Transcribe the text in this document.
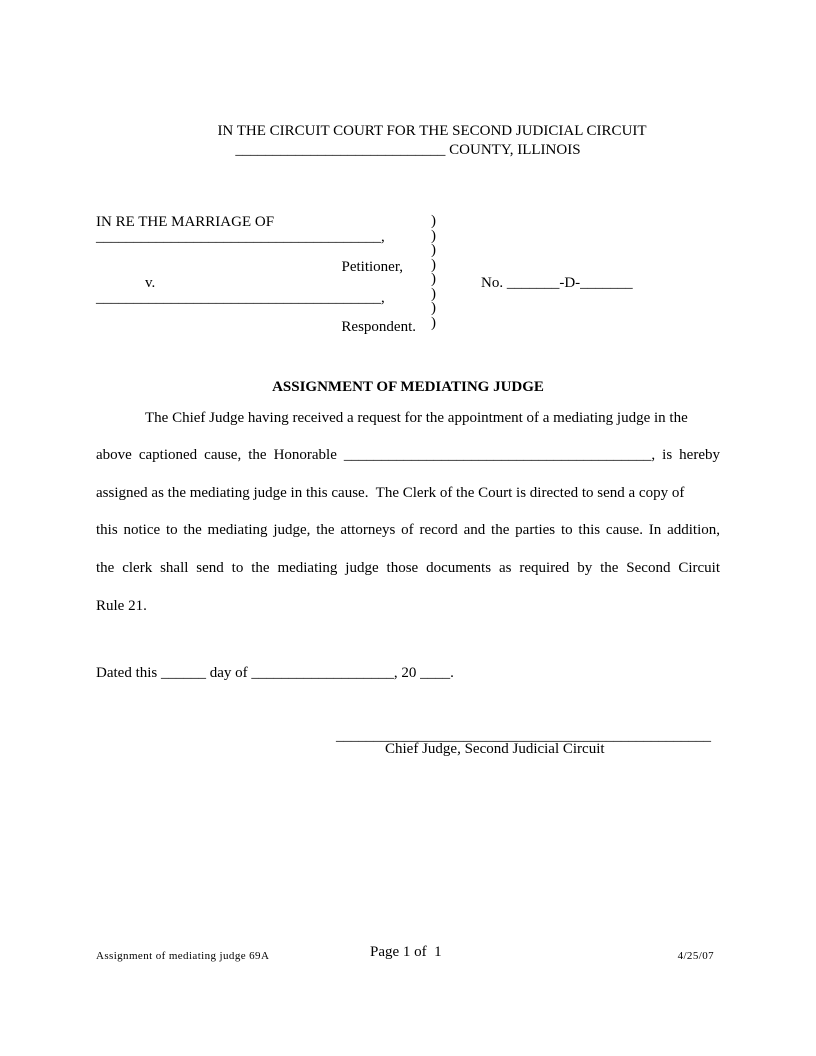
IN THE CIRCUIT COURT FOR THE SECOND JUDICIAL CIRCUIT

____________________________ COUNTY, ILLINOIS

IN RE THE MARRIAGE OF

______________________________________,

Petitioner,

v.

______________________________________,

Respondent.

)
)
)
)
)
)
)
)

No. _______-D-_______

ASSIGNMENT OF MEDIATING JUDGE

The Chief Judge having received a request for the appointment of a mediating judge in the

above captioned cause, the Honorable _________________________________________, is hereby

assigned as the mediating judge in this cause.  The Clerk of the Court is directed to send a copy of

this notice to the mediating judge, the attorneys of record and the parties to this cause. In addition,

the clerk shall send to the mediating judge those documents as required by the Second Circuit

Rule 21.

Dated this ______ day of ___________________, 20 ____.

__________________________________________________

Chief Judge, Second Judicial Circuit

Assignment of mediating judge 69A	Page 1 of  1	4/25/07
